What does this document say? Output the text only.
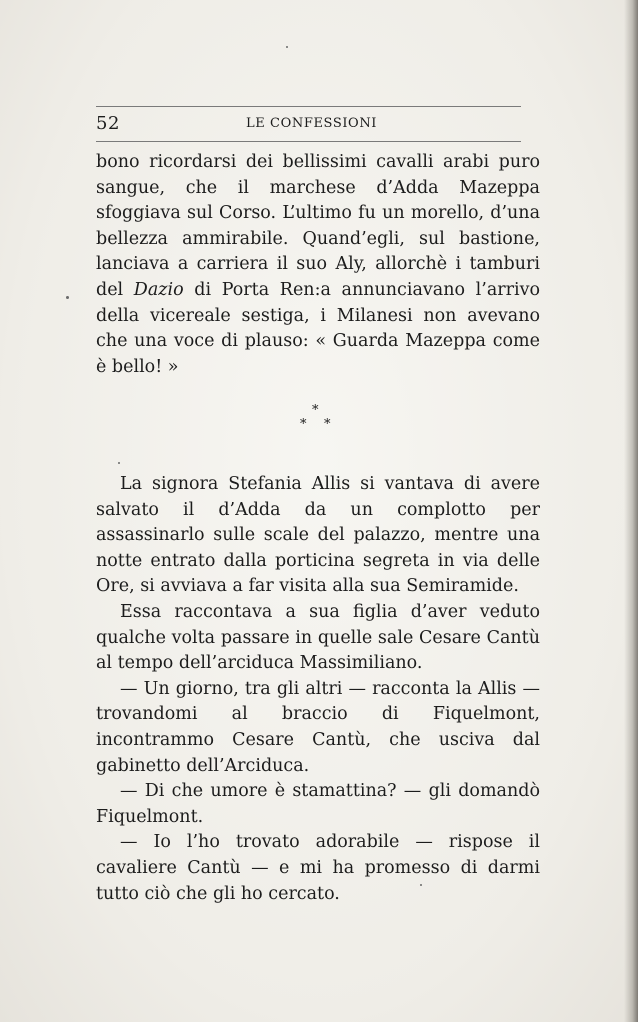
52	LE CONFESSIONI

bono ricordarsi dei bellissimi cavalli arabi puro sangue, che il marchese d’Adda Mazeppa sfoggiava sul Corso. L’ultimo fu un morello, d’una bellezza ammirabile. Quand’egli, sul bastione, lanciava a carriera il suo Aly, allorchè i tamburi del Dazio di Porta Ren:a annunciavano l’arrivo della vicereale sestiga, i Milanesi non avevano che una voce di plauso: « Guarda Mazeppa come è bello! »

*
* *

La signora Stefania Allis si vantava di avere salvato il d’Adda da un complotto per assassinarlo sulle scale del palazzo, mentre una notte entrato dalla porticina segreta in via delle Ore, si avviava a far visita alla sua Semiramide.

Essa raccontava a sua figlia d’aver veduto qualche volta passare in quelle sale Cesare Cantù al tempo dell’arciduca Massimiliano.

— Un giorno, tra gli altri — racconta la Allis — trovandomi al braccio di Fiquelmont, incontrammo Cesare Cantù, che usciva dal gabinetto dell’Arciduca.

— Di che umore è stamattina? — gli domandò Fiquelmont.

— Io l’ho trovato adorabile — rispose il cavaliere Cantù — e mi ha promesso di darmi tutto ciò che gli ho cercato.
